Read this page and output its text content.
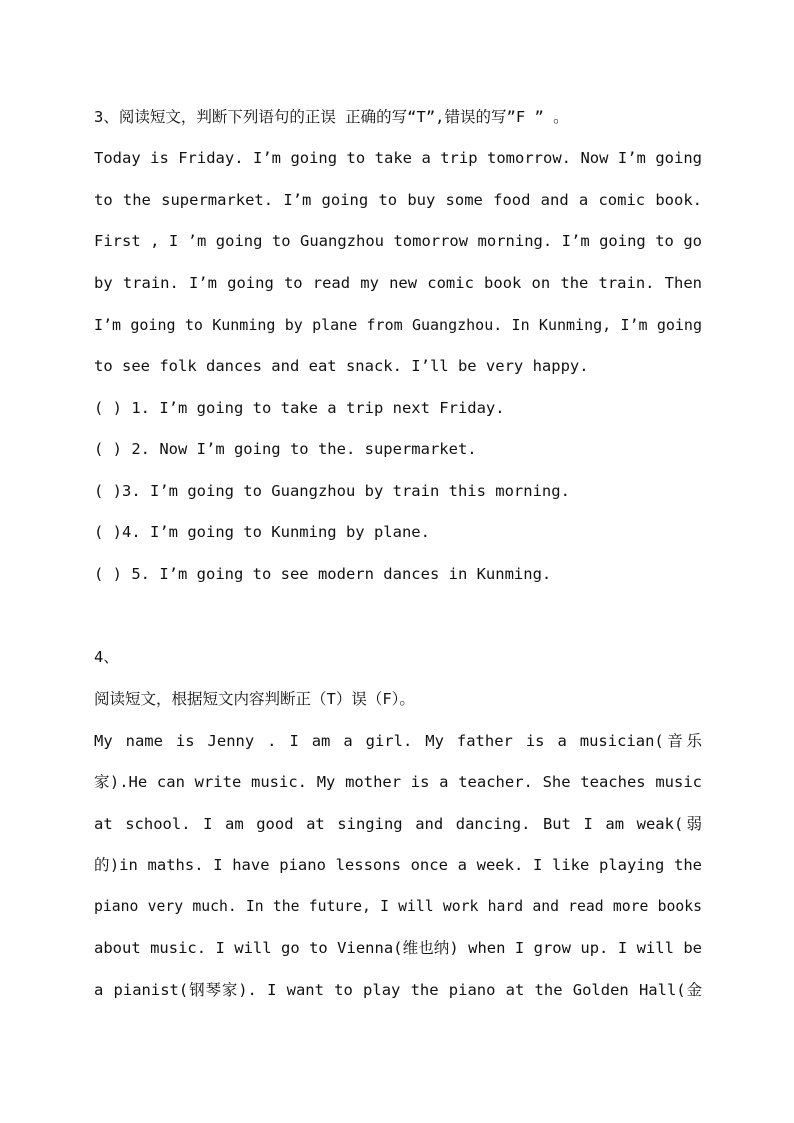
3、阅读短文，判断下列语句的正误 正确的写“T”,错误的写”F ” 。
Today is Friday. I’m going to take a trip tomorrow. Now I’m going
to the supermarket. I’m going to buy some food and a comic book.
First , I ’m going to Guangzhou tomorrow morning. I’m going to go
by train. I’m going to read my new comic book on the train. Then
I’m going to Kunming by plane from Guangzhou. In Kunming, I’m going
to see folk dances and eat snack. I’ll be very happy.
( ) 1. I’m going to take a trip next Friday.
( ) 2. Now I’m going to the. supermarket.
( )3. I’m going to Guangzhou by train this morning.
( )4. I’m going to Kunming by plane.
( ) 5. I’m going to see modern dances in Kunming.
4、
阅读短文，根据短文内容判断正（T）误（F）。
My name is Jenny . I am a girl. My father is a musician(音乐
家).He can write music. My mother is a teacher. She teaches music
at school. I am good at singing and dancing. But I am weak(弱
的)in maths. I have piano lessons once a week. I like playing the
piano very much. In the future, I will work hard and read more books
about music. I will go to Vienna(维也纳) when I grow up. I will be
a pianist(钢琴家). I want to play the piano at the Golden Hall(金
